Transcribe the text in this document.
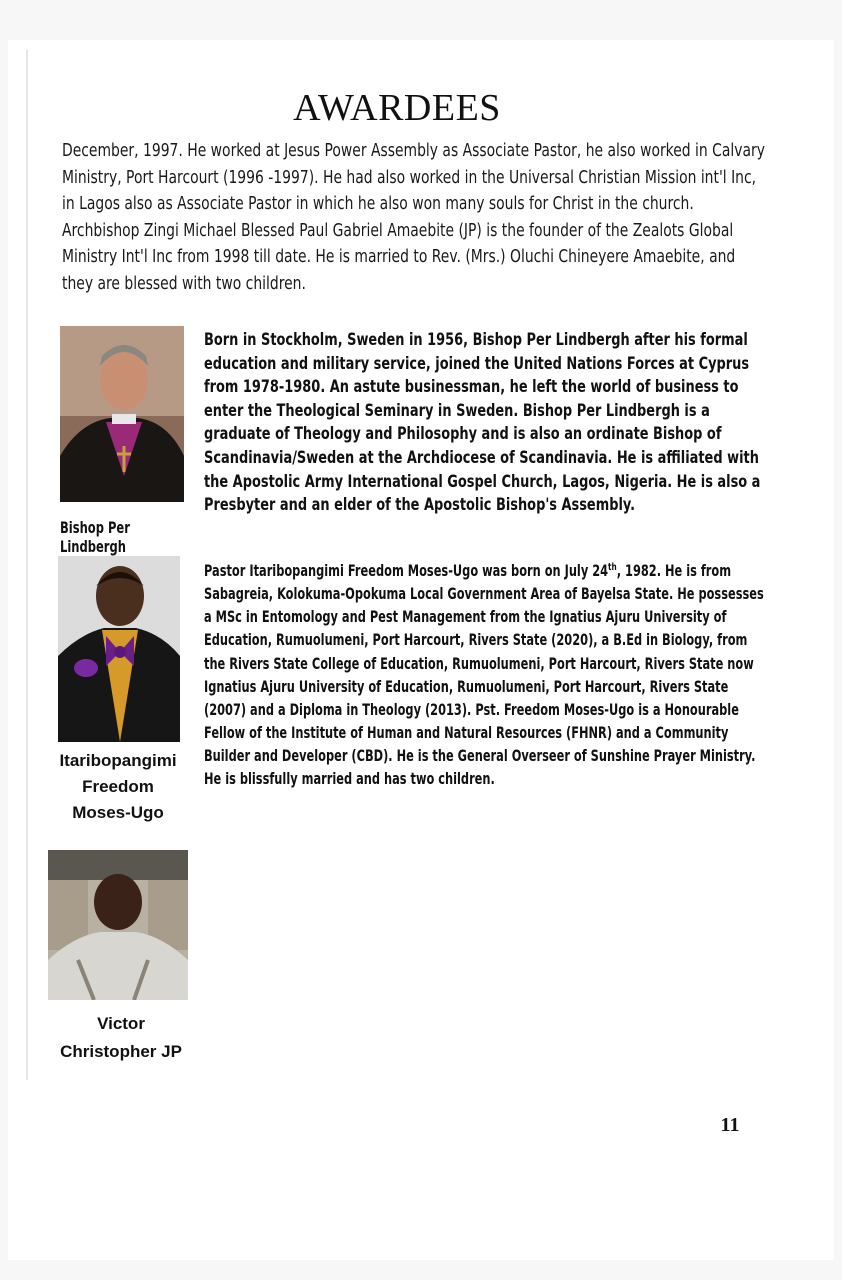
AWARDEES
December, 1997. He worked at Jesus Power Assembly as Associate Pastor, he also worked in Calvary Ministry, Port Harcourt (1996 -1997). He had also worked in the Universal Christian Mission int'l Inc, in Lagos also as Associate Pastor in which he also won many souls for Christ in the church. Archbishop Zingi Michael Blessed Paul Gabriel Amaebite (JP) is the founder of the Zealots Global Ministry Int'l Inc from 1998 till date. He is married to Rev. (Mrs.) Oluchi Chineyere Amaebite, and they are blessed with two children.
Born in Stockholm, Sweden in 1956, Bishop Per Lindbergh after his formal education and military service, joined the United Nations Forces at Cyprus from 1978-1980. An astute businessman, he left the world of business to enter the Theological Seminary in Sweden. Bishop Per Lindbergh is a graduate of Theology and Philosophy and is also an ordinate Bishop of Scandinavia/Sweden at the Archdiocese of Scandinavia. He is affiliated with the Apostolic Army International Gospel Church, Lagos, Nigeria. He is also a Presbyter and an elder of the Apostolic Bishop's Assembly.
Bishop Per Lindbergh
Pastor Itaribopangimi Freedom Moses-Ugo was born on July 24th, 1982. He is from Sabagreia, Kolokuma-Opokuma Local Government Area of Bayelsa State. He possesses a MSc in Entomology and Pest Management from the Ignatius Ajuru University of Education, Rumuolumeni, Port Harcourt, Rivers State (2020), a B.Ed in Biology, from the Rivers State College of Education, Rumuolumeni, Port Harcourt, Rivers State now Ignatius Ajuru University of Education, Rumuolumeni, Port Harcourt, Rivers State (2007) and a Diploma in Theology (2013). Pst. Freedom Moses-Ugo is a Honourable Fellow of the Institute of Human and Natural Resources (FHNR) and a Community Builder and Developer (CBD). He is the General Overseer of Sunshine Prayer Ministry. He is blissfully married and has two children.
Itaribopangimi
Freedom
Moses-Ugo
Victor
Christopher JP
11
